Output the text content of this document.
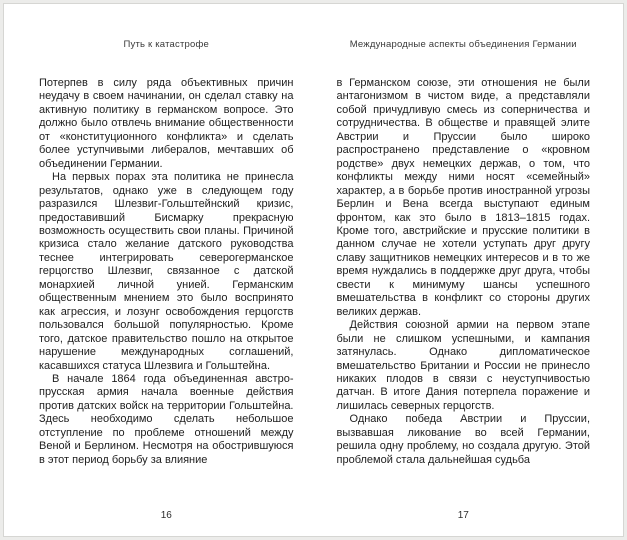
Путь к катастрофе

Потерпев в силу ряда объективных причин неудачу в своем начинании, он сделал ставку на активную политику в германском вопросе. Это должно было отвлечь внимание общественности от «конституционного конфликта» и сделать более уступчивыми либералов, мечтавших об объединении Германии.

На первых порах эта политика не принесла результатов, однако уже в следующем году разразился Шлезвиг-Гольштейнский кризис, предоставивший Бисмарку прекрасную возможность осуществить свои планы. Причиной кризиса стало желание датского руководства теснее интегрировать северогерманское герцогство Шлезвиг, связанное с датской монархией личной унией. Германским общественным мнением это было воспринято как агрессия, и лозунг освобождения герцогств пользовался большой популярностью. Кроме того, датское правительство пошло на открытое нарушение международных соглашений, касавшихся статуса Шлезвига и Гольштейна.

В начале 1864 года объединенная австро-прусская армия начала военные действия против датских войск на территории Гольштейна. Здесь необходимо сделать небольшое отступление по проблеме отношений между Веной и Берлином. Несмотря на обострившуюся в этот период борьбу за влияние

16
Международные аспекты объединения Германии

в Германском союзе, эти отношения не были антагонизмом в чистом виде, а представляли собой причудливую смесь из соперничества и сотрудничества. В обществе и правящей элите Австрии и Пруссии было широко распространено представление о «кровном родстве» двух немецких держав, о том, что конфликты между ними носят «семейный» характер, а в борьбе против иностранной угрозы Берлин и Вена всегда выступают единым фронтом, как это было в 1813–1815 годах. Кроме того, австрийские и прусские политики в данном случае не хотели уступать друг другу славу защитников немецких интересов и в то же время нуждались в поддержке друг друга, чтобы свести к минимуму шансы успешного вмешательства в конфликт со стороны других великих держав.

Действия союзной армии на первом этапе были не слишком успешными, и кампания затянулась. Однако дипломатическое вмешательство Британии и России не принесло никаких плодов в связи с неуступчивостью датчан. В итоге Дания потерпела поражение и лишилась северных герцогств.

Однако победа Австрии и Пруссии, вызвавшая ликование во всей Германии, решила одну проблему, но создала другую. Этой проблемой стала дальнейшая судьба

17
